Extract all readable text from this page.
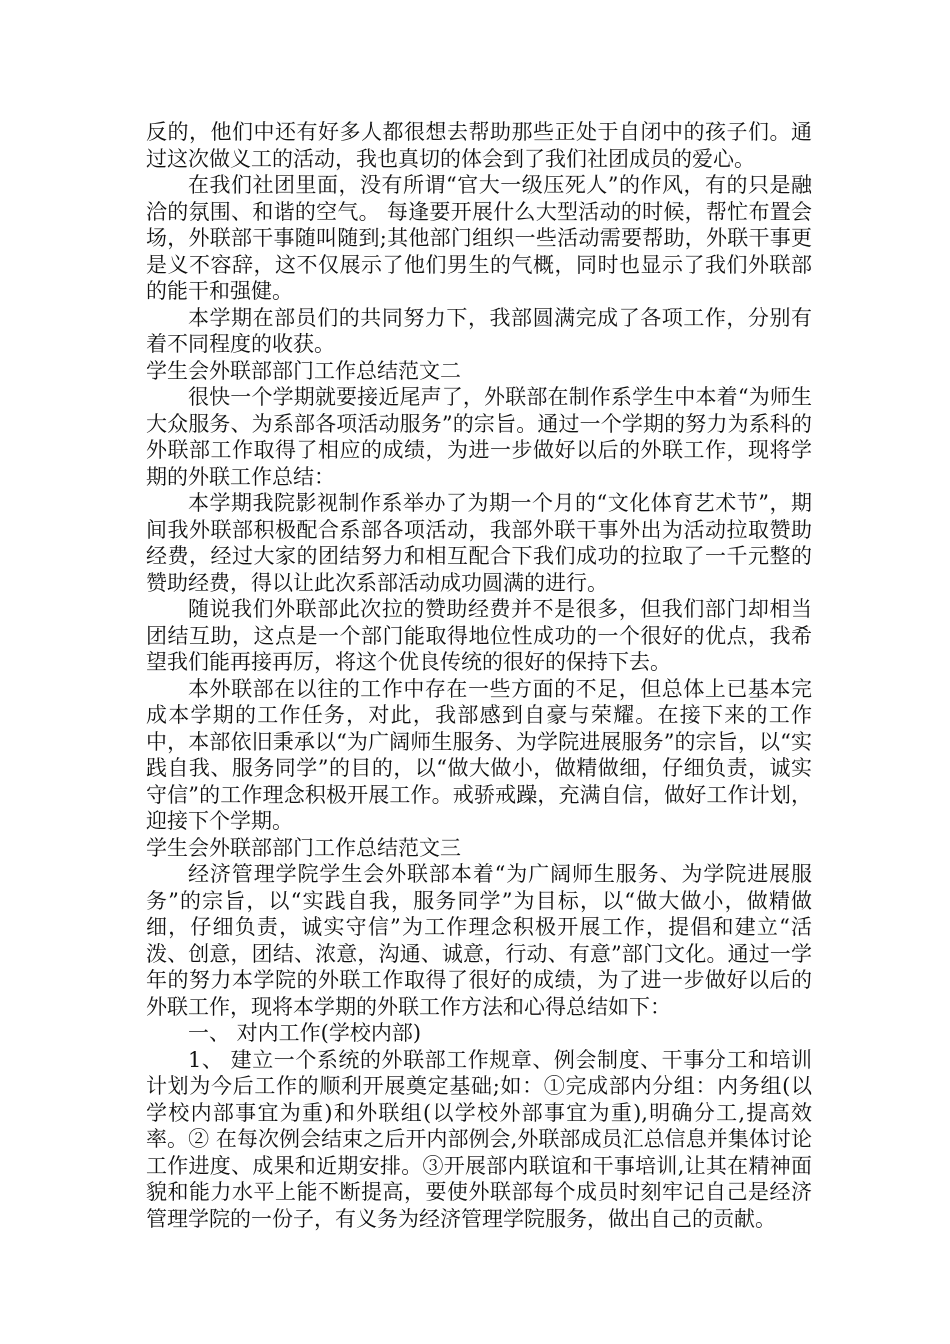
反的，他们中还有好多人都很想去帮助那些正处于自闭中的孩子们。通过这次做义工的活动，我也真切的体会到了我们社团成员的爱心。

在我们社团里面，没有所谓“官大一级压死人”的作风，有的只是融洽的氛围、和谐的空气。 每逢要开展什么大型活动的时候，帮忙布置会场，外联部干事随叫随到;其他部门组织一些活动需要帮助，外联干事更是义不容辞，这不仅展示了他们男生的气概，同时也显示了我们外联部的能干和强健。

本学期在部员们的共同努力下，我部圆满完成了各项工作，分别有着不同程度的收获。

学生会外联部部门工作总结范文二

很快一个学期就要接近尾声了，外联部在制作系学生中本着“为师生大众服务、为系部各项活动服务”的宗旨。通过一个学期的努力为系科的外联部工作取得了相应的成绩，为进一步做好以后的外联工作，现将学期的外联工作总结：

本学期我院影视制作系举办了为期一个月的“文化体育艺术节”，期间我外联部积极配合系部各项活动，我部外联干事外出为活动拉取赞助经费，经过大家的团结努力和相互配合下我们成功的拉取了一千元整的赞助经费，得以让此次系部活动成功圆满的进行。

随说我们外联部此次拉的赞助经费并不是很多，但我们部门却相当团结互助，这点是一个部门能取得地位性成功的一个很好的优点，我希望我们能再接再厉，将这个优良传统的很好的保持下去。

本外联部在以往的工作中存在一些方面的不足，但总体上已基本完成本学期的工作任务，对此，我部感到自豪与荣耀。在接下来的工作中，本部依旧秉承以“为广阔师生服务、为学院进展服务”的宗旨，以“实践自我、服务同学”的目的，以“做大做小，做精做细，仔细负责，诚实守信”的工作理念积极开展工作。戒骄戒躁，充满自信，做好工作计划，迎接下个学期。

学生会外联部部门工作总结范文三

经济管理学院学生会外联部本着“为广阔师生服务、为学院进展服务”的宗旨，以“实践自我，服务同学”为目标，以“做大做小，做精做细，仔细负责，诚实守信”为工作理念积极开展工作，提倡和建立“活泼、创意，团结、浓意，沟通、诚意，行动、有意”部门文化。通过一学年的努力本学院的外联工作取得了很好的成绩，为了进一步做好以后的外联工作，现将本学期的外联工作方法和心得总结如下：

一、 对内工作(学校内部)

1、 建立一个系统的外联部工作规章、例会制度、干事分工和培训计划为今后工作的顺利开展奠定基础;如：①完成部内分组：内务组(以学校内部事宜为重)和外联组(以学校外部事宜为重),明确分工,提高效率。② 在每次例会结束之后开内部例会,外联部成员汇总信息并集体讨论工作进度、成果和近期安排。③开展部内联谊和干事培训,让其在精神面貌和能力水平上能不断提高，要使外联部每个成员时刻牢记自己是经济管理学院的一份子，有义务为经济管理学院服务，做出自己的贡献。
